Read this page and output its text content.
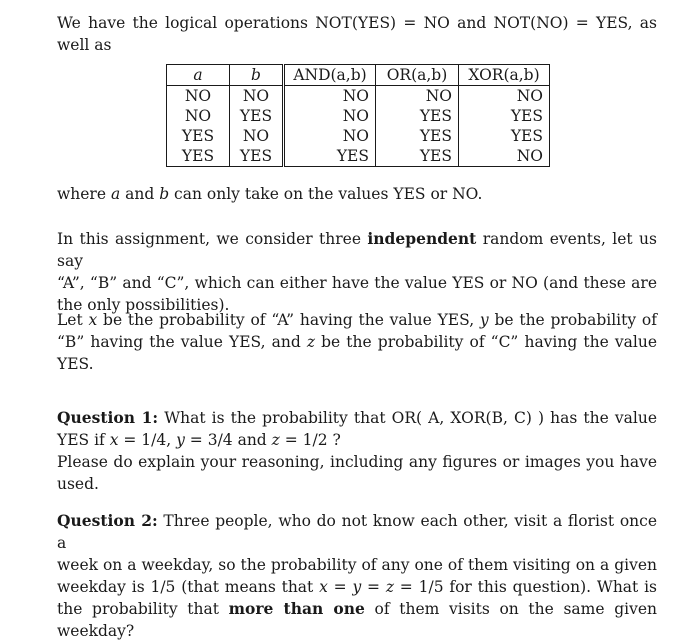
We have the logical operations NOT(YES) = NO and NOT(NO) = YES, as
well as
a	b	AND(a,b)	OR(a,b)	XOR(a,b)
NO	NO	NO	NO	NO
NO	YES	NO	YES	YES
YES	NO	NO	YES	YES
YES	YES	YES	YES	NO
where a and b can only take on the values YES or NO.
In this assignment, we consider three independent random events, let us say
“A”, “B” and “C”, which can either have the value YES or NO (and these are
the only possibilities).
Let x be the probability of “A” having the value YES, y be the probability of
“B” having the value YES, and z be the probability of “C” having the value
YES.
Question 1: What is the probability that OR( A, XOR(B, C) ) has the value
YES if x = 1/4, y = 3/4 and z = 1/2 ?
Please do explain your reasoning, including any figures or images you have used.
Question 2: Three people, who do not know each other, visit a florist once a
week on a weekday, so the probability of any one of them visiting on a given
weekday is 1/5 (that means that x = y = z = 1/5 for this question). What is
the probability that more than one of them visits on the same given weekday?
